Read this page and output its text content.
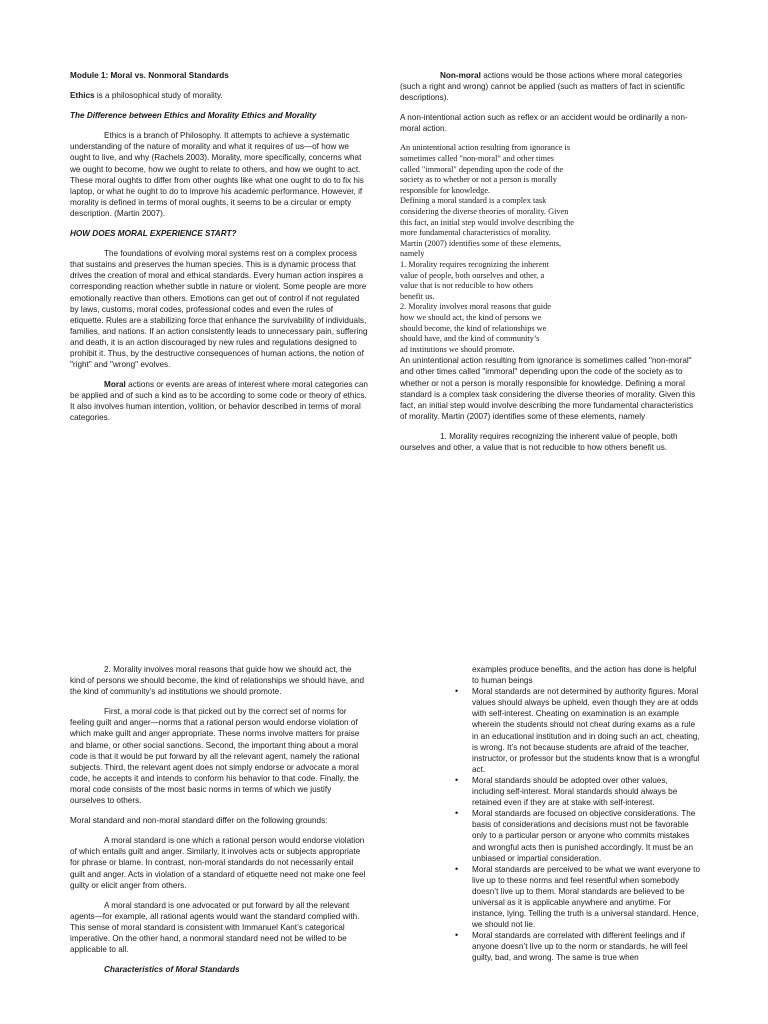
Module 1: Moral vs. Nonmoral Standards

Ethics is a philosophical study of morality.

The Difference between Ethics and Morality Ethics and Morality

Ethics is a branch of Philosophy. It attempts to achieve a systematic understanding of the nature of morality and what it requires of us—of how we ought to live, and why (Rachels 2003). Morality, more specifically, concerns what we ought to become, how we ought to relate to others, and how we ought to act. These moral oughts to differ from other oughts like what one ought to do to fix his laptop, or what he ought to do to improve his academic performance. However, if morality is defined in terms of moral oughts, it seems to be a circular or empty description. (Martin 2007).

HOW DOES MORAL EXPERIENCE START?

The foundations of evolving moral systems rest on a complex process that sustains and preserves the human species. This is a dynamic process that drives the creation of moral and ethical standards. Every human action inspires a corresponding reaction whether subtle in nature or violent. Some people are more emotionally reactive than others. Emotions can get out of control if not regulated by laws, customs, moral codes, professional codes and even the rules of etiquette. Rules are a stabilizing force that enhance the survivability of individuals, families, and nations. If an action consistently leads to unnecessary pain, suffering and death, it is an action discouraged by new rules and regulations designed to prohibit it. Thus, by the destructive consequences of human actions, the notion of "right" and "wrong" evolves.

Moral actions or events are areas of interest where moral categories can be applied and of such a kind as to be according to some code or theory of ethics. It also involves human intention, volition, or behavior described in terms of moral categories.

Non-moral actions would be those actions where moral categories (such a right and wrong) cannot be applied (such as matters of fact in scientific descriptions).

A non-intentional action such as reflex or an accident would be ordinarily a non-moral action.

An unintentional action resulting from ignorance is
sometimes called "non-moral" and other times
called "immoral" depending upon the code of the
society as to whether or not a person is morally
responsible for knowledge.
Defining a moral standard is a complex task
considering the diverse theories of morality. Given
this fact, an initial step would involve describing the
more fundamental characteristics of morality.
Martin (2007) identifies some of these elements,
namely
1. Morality requires recognizing the inherent
value of people, both ourselves and other, a
value that is not reducible to how others
benefit us.
2. Morality involves moral reasons that guide
how we should act, the kind of persons we
should become, the kind of relationships we
should have, and the kind of community’s
ad institutions we should promote.

An unintentional action resulting from ignorance is sometimes called "non-moral" and other times called "immoral" depending upon the code of the society as to whether or not a person is morally responsible for knowledge. Defining a moral standard is a complex task considering the diverse theories of morality. Given this fact, an initial step would involve describing the more fundamental characteristics of morality. Martin (2007) identifies some of these elements, namely

1. Morality requires recognizing the inherent value of people, both ourselves and other, a value that is not reducible to how others benefit us.

2. Morality involves moral reasons that guide how we should act, the kind of persons we should become, the kind of relationships we should have, and the kind of community’s ad institutions we should promote.

First, a moral code is that picked out by the correct set of norms for feeling guilt and anger—norms that a rational person would endorse violation of which make guilt and anger appropriate. These norms involve matters for praise and blame, or other social sanctions. Second, the important thing about a moral code is that it would be put forward by all the relevant agent, namely the rational subjects. Third, the relevant agent does not simply endorse or advocate a moral code, he accepts it and intends to conform his behavior to that code. Finally, the moral code consists of the most basic norms in terms of which we justify ourselves to others.

Moral standard and non-moral standard differ on the following grounds:

A moral standard is one which a rational person would endorse violation of which entails guilt and anger. Similarly, it involves acts or subjects appropriate for phrase or blame. In contrast, non-moral standards do not necessarily entail guilt and anger. Acts in violation of a standard of etiquette need not make one feel guilty or elicit anger from others.

A moral standard is one advocated or put forward by all the relevant agents—for example, all rational agents would want the standard complied with. This sense of moral standard is consistent with Immanuel Kant’s categorical imperative. On the other hand, a nonmoral standard need not be willed to be applicable to all.

Characteristics of Moral Standards

examples produce benefits, and the action has done is helpful to human beings

• Moral standards are not determined by authority figures. Moral values should always be upheld, even though they are at odds with self-interest. Cheating on examination is an example wherein the students should not cheat during exams as a rule in an educational institution and in doing such an act, cheating, is wrong. It’s not because students are afraid of the teacher, instructor, or professor but the students know that is a wrongful act.
• Moral standards should be adopted over other values, including self-interest. Moral standards should always be retained even if they are at stake with self-interest.
• Moral standards are focused on objective considerations. The basis of considerations and decisions must not be favorable only to a particular person or anyone who commits mistakes and wrongful acts then is punished accordingly. It must be an unbiased or impartial consideration.
• Moral standards are perceived to be what we want everyone to live up to these norms and feel resentful when somebody doesn’t live up to them. Moral standards are believed to be universal as it is applicable anywhere and anytime. For instance, lying. Telling the truth is a universal standard. Hence, we should not lie.
• Moral standards are correlated with different feelings and if anyone doesn’t live up to the norm or standards, he will feel guilty, bad, and wrong. The same is true when
